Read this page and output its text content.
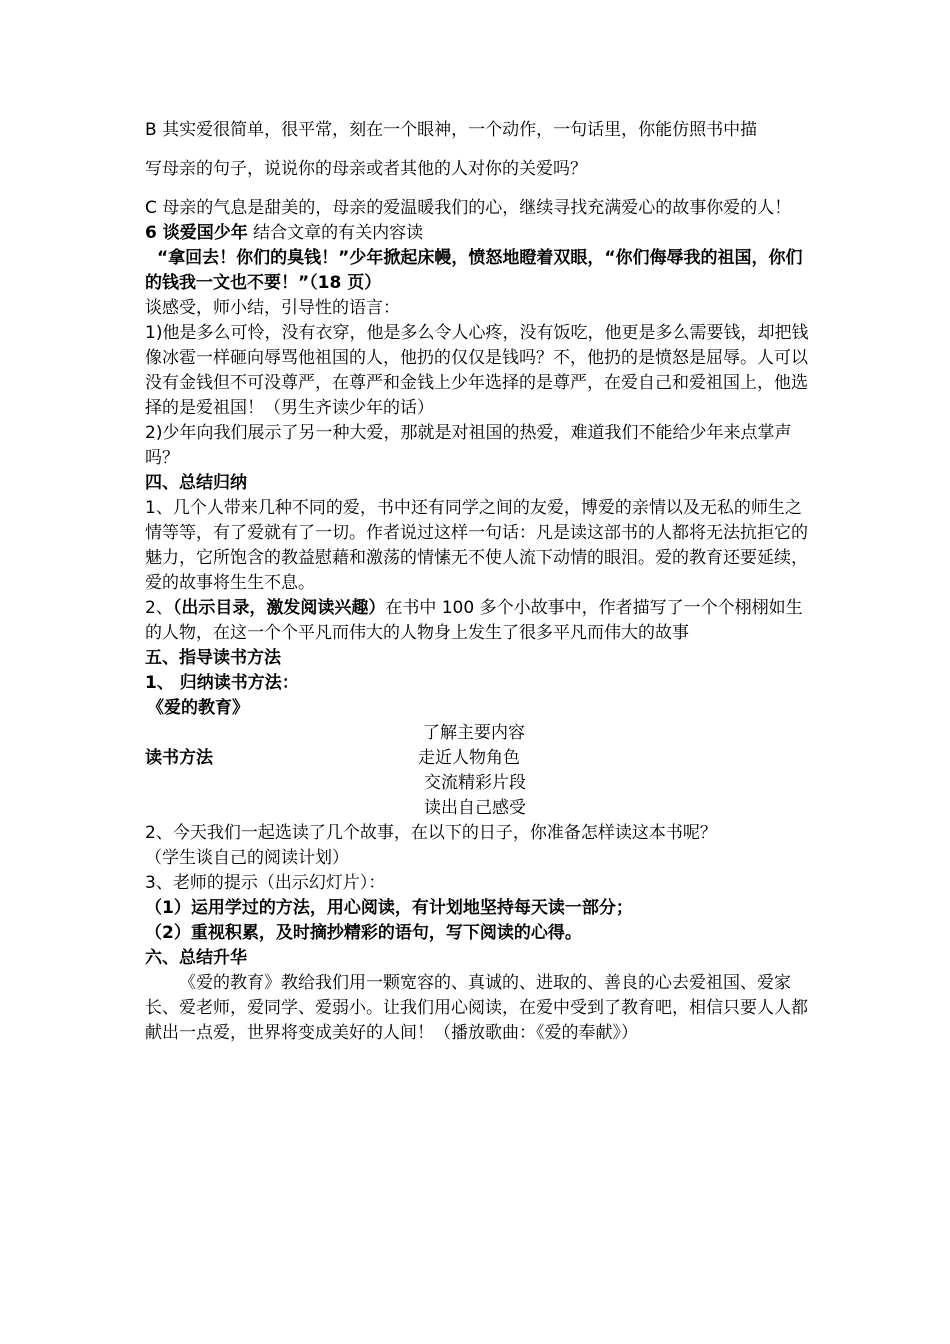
B 其实爱很简单，很平常，刻在一个眼神，一个动作，一句话里，你能仿照书中描

写母亲的句子，说说你的母亲或者其他的人对你的关爱吗？

C 母亲的气息是甜美的，母亲的爱温暖我们的心，继续寻找充满爱心的故事你爱的人！

6 谈爱国少年 结合文章的有关内容读

“拿回去！你们的臭钱！”少年掀起床幔，愤怒地瞪着双眼，“你们侮辱我的祖国，你们的钱我一文也不要！”（18 页）

谈感受，师小结，引导性的语言：

1)他是多么可怜，没有衣穿，他是多么令人心疼，没有饭吃，他更是多么需要钱，却把钱像冰雹一样砸向辱骂他祖国的人，他扔的仅仅是钱吗？不，他扔的是愤怒是屈辱。人可以没有金钱但不可没尊严，在尊严和金钱上少年选择的是尊严，在爱自己和爱祖国上，他选择的是爱祖国！（男生齐读少年的话）

2)少年向我们展示了另一种大爱，那就是对祖国的热爱，难道我们不能给少年来点掌声吗？

四、总结归纳

1、几个人带来几种不同的爱，书中还有同学之间的友爱，博爱的亲情以及无私的师生之情等等，有了爱就有了一切。作者说过这样一句话：凡是读这部书的人都将无法抗拒它的魅力，它所饱含的教益慰藉和激荡的情愫无不使人流下动情的眼泪。爱的教育还要延续，爱的故事将生生不息。

2、（出示目录，激发阅读兴趣）在书中 100 多个小故事中，作者描写了一个个栩栩如生的人物，在这一个个平凡而伟大的人物身上发生了很多平凡而伟大的故事

五、指导读书方法

1、 归纳读书方法：

《爱的教育》

读书方法
了解主要内容
走近人物角色
交流精彩片段
读出自己感受

2、今天我们一起选读了几个故事，在以下的日子，你准备怎样读这本书呢？

（学生谈自己的阅读计划）

3、老师的提示（出示幻灯片）：

（1）运用学过的方法，用心阅读，有计划地坚持每天读一部分；

（2）重视积累，及时摘抄精彩的语句，写下阅读的心得。

六、总结升华

《爱的教育》教给我们用一颗宽容的、真诚的、进取的、善良的心去爱祖国、爱家长、爱老师，爱同学、爱弱小。让我们用心阅读，在爱中受到了教育吧，相信只要人人都献出一点爱，世界将变成美好的人间！（播放歌曲：《爱的奉献》）
